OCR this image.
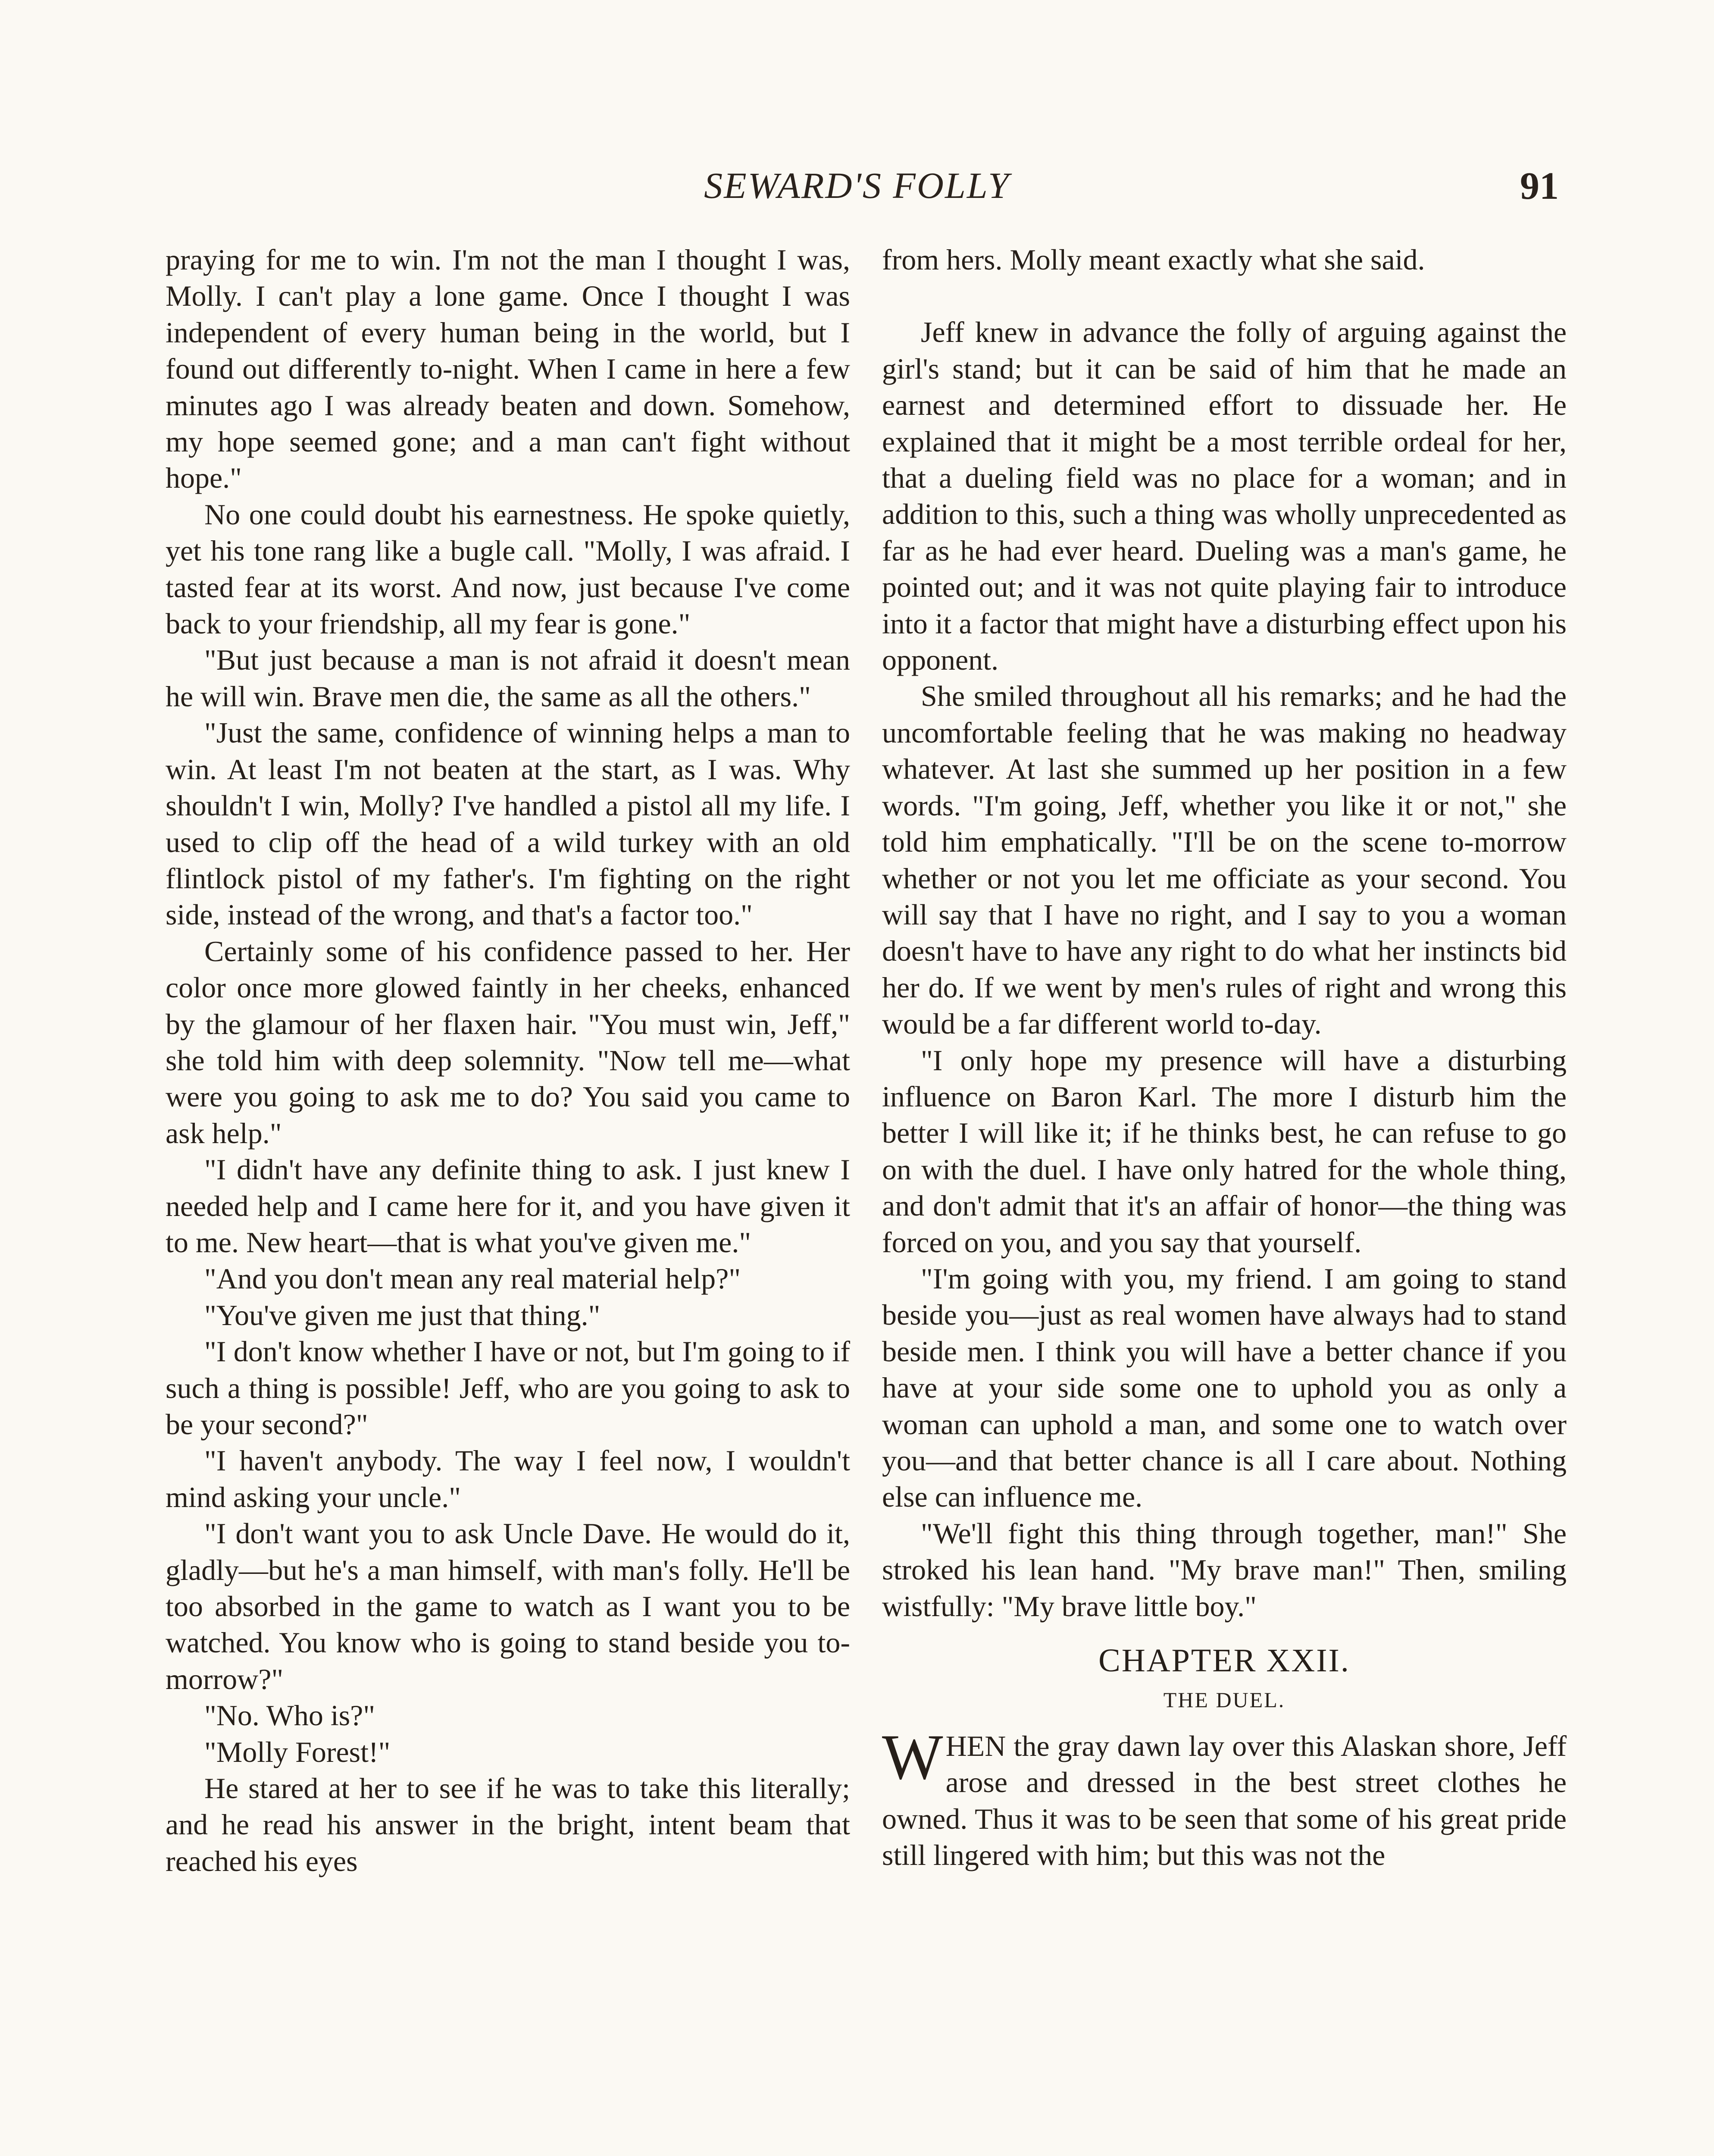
SEWARD'S FOLLY	91

praying for me to win. I'm not the man I thought I was, Molly. I can't play a lone game. Once I thought I was independent of every human being in the world, but I found out differently to-night. When I came in here a few minutes ago I was already beaten and down. Somehow, my hope seemed gone; and a man can't fight without hope."

No one could doubt his earnestness. He spoke quietly, yet his tone rang like a bugle call. "Molly, I was afraid. I tasted fear at its worst. And now, just because I've come back to your friendship, all my fear is gone."

"But just because a man is not afraid it doesn't mean he will win. Brave men die, the same as all the others."

"Just the same, confidence of winning helps a man to win. At least I'm not beaten at the start, as I was. Why shouldn't I win, Molly? I've handled a pistol all my life. I used to clip off the head of a wild turkey with an old flintlock pistol of my father's. I'm fighting on the right side, instead of the wrong, and that's a factor too."

Certainly some of his confidence passed to her. Her color once more glowed faintly in her cheeks, enhanced by the glamour of her flaxen hair. "You must win, Jeff," she told him with deep solemnity. "Now tell me—what were you going to ask me to do? You said you came to ask help."

"I didn't have any definite thing to ask. I just knew I needed help and I came here for it, and you have given it to me. New heart—that is what you've given me."

"And you don't mean any real material help?"

"You've given me just that thing."

"I don't know whether I have or not, but I'm going to if such a thing is possible! Jeff, who are you going to ask to be your second?"

"I haven't anybody. The way I feel now, I wouldn't mind asking your uncle."

"I don't want you to ask Uncle Dave. He would do it, gladly—but he's a man himself, with man's folly. He'll be too absorbed in the game to watch as I want you to be watched. You know who is going to stand beside you to-morrow?"

"No. Who is?"

"Molly Forest!"

He stared at her to see if he was to take this literally; and he read his answer in the bright, intent beam that reached his eyes

from hers. Molly meant exactly what she said.

Jeff knew in advance the folly of arguing against the girl's stand; but it can be said of him that he made an earnest and determined effort to dissuade her. He explained that it might be a most terrible ordeal for her, that a dueling field was no place for a woman; and in addition to this, such a thing was wholly unprecedented as far as he had ever heard. Dueling was a man's game, he pointed out; and it was not quite playing fair to introduce into it a factor that might have a disturbing effect upon his opponent.

She smiled throughout all his remarks; and he had the uncomfortable feeling that he was making no headway whatever. At last she summed up her position in a few words. "I'm going, Jeff, whether you like it or not," she told him emphatically. "I'll be on the scene to-morrow whether or not you let me officiate as your second. You will say that I have no right, and I say to you a woman doesn't have to have any right to do what her instincts bid her do. If we went by men's rules of right and wrong this would be a far different world to-day.

"I only hope my presence will have a disturbing influence on Baron Karl. The more I disturb him the better I will like it; if he thinks best, he can refuse to go on with the duel. I have only hatred for the whole thing, and don't admit that it's an affair of honor—the thing was forced on you, and you say that yourself.

"I'm going with you, my friend. I am going to stand beside you—just as real women have always had to stand beside men. I think you will have a better chance if you have at your side some one to uphold you as only a woman can uphold a man, and some one to watch over you—and that better chance is all I care about. Nothing else can influence me.

"We'll fight this thing through together, man!" She stroked his lean hand. "My brave man!" Then, smiling wistfully: "My brave little boy."

CHAPTER XXII.
THE DUEL.

WHEN the gray dawn lay over this Alaskan shore, Jeff arose and dressed in the best street clothes he owned. Thus it was to be seen that some of his great pride still lingered with him; but this was not the
